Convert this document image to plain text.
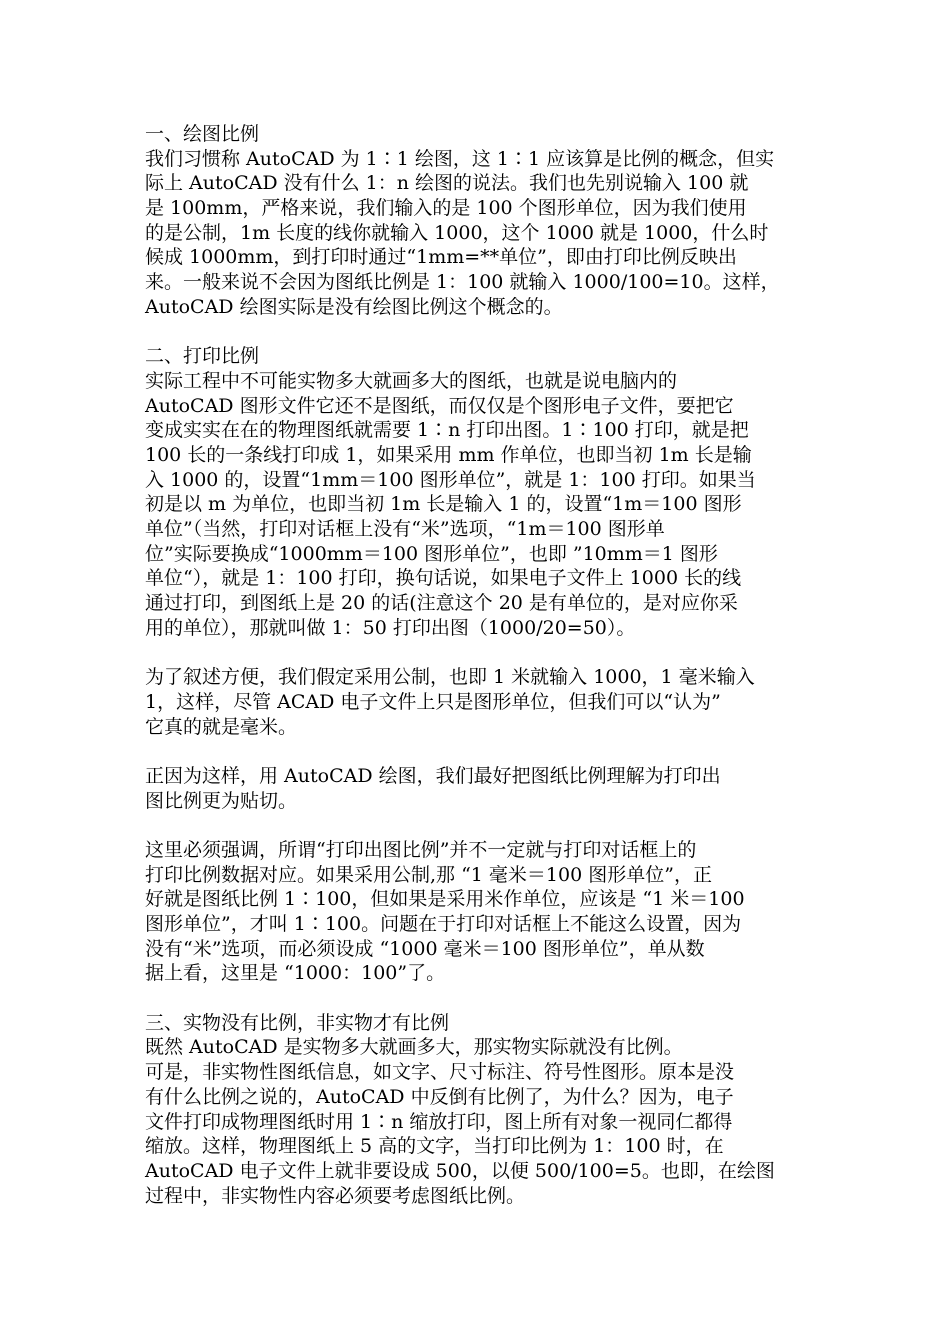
一、绘图比例
我们习惯称 AutoCAD 为 1∶1 绘图，这 1∶1 应该算是比例的概念，但实
际上 AutoCAD 没有什么 1：n 绘图的说法。我们也先别说输入 100 就
是 100mm，严格来说，我们输入的是 100 个图形单位，因为我们使用
的是公制，1m 长度的线你就输入 1000，这个 1000 就是 1000，什么时
候成 1000mm，到打印时通过“1mm=**单位”，即由打印比例反映出
来。一般来说不会因为图纸比例是 1：100 就输入 1000/100=10。这样，
AutoCAD 绘图实际是没有绘图比例这个概念的。
二、打印比例
实际工程中不可能实物多大就画多大的图纸，也就是说电脑内的
AutoCAD 图形文件它还不是图纸，而仅仅是个图形电子文件，要把它
变成实实在在的物理图纸就需要 1∶n 打印出图。1∶100 打印，就是把
100 长的一条线打印成 1，如果采用 mm 作单位，也即当初 1m 长是输
入 1000 的，设置“1mm＝100 图形单位”，就是 1：100 打印。如果当
初是以 m 为单位，也即当初 1m 长是输入 1 的，设置“1m＝100 图形
单位”（当然，打印对话框上没有“米”选项，“1m＝100 图形单
位”实际要换成“1000mm＝100 图形单位”，也即 ”10mm＝1 图形
单位“），就是 1：100 打印，换句话说，如果电子文件上 1000 长的线
通过打印，到图纸上是 20 的话(注意这个 20 是有单位的，是对应你采
用的单位），那就叫做 1：50 打印出图（1000/20=50）。
为了叙述方便，我们假定采用公制，也即 1 米就输入 1000，1 毫米输入
1，这样，尽管 ACAD 电子文件上只是图形单位，但我们可以“认为”
它真的就是毫米。
正因为这样，用 AutoCAD 绘图，我们最好把图纸比例理解为打印出
图比例更为贴切。
这里必须强调，所谓“打印出图比例”并不一定就与打印对话框上的
打印比例数据对应。如果采用公制,那 “1 毫米＝100 图形单位”，正
好就是图纸比例 1∶100，但如果是采用米作单位，应该是 “1 米＝100
图形单位”，才叫 1∶100。问题在于打印对话框上不能这么设置，因为
没有“米”选项，而必须设成 “1000 毫米＝100 图形单位”，单从数
据上看，这里是 “1000：100”了。
三、实物没有比例，非实物才有比例
既然 AutoCAD 是实物多大就画多大，那实物实际就没有比例。
可是，非实物性图纸信息，如文字、尺寸标注、符号性图形。原本是没
有什么比例之说的，AutoCAD 中反倒有比例了，为什么？因为，电子
文件打印成物理图纸时用 1∶n 缩放打印，图上所有对象一视同仁都得
缩放。这样，物理图纸上 5 高的文字，当打印比例为 1：100 时，在
AutoCAD 电子文件上就非要设成 500，以便 500/100=5。也即，在绘图
过程中，非实物性内容必须要考虑图纸比例。
